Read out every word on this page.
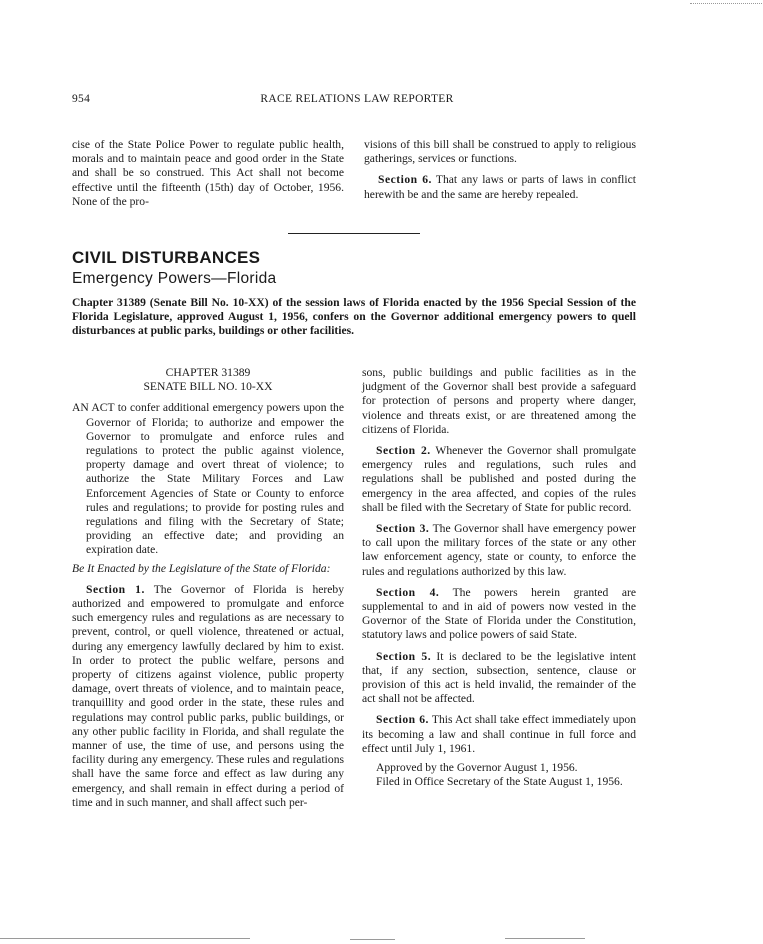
954	RACE RELATIONS LAW REPORTER

cise of the State Police Power to regulate public health, morals and to maintain peace and good order in the State and shall be so construed. This Act shall not become effective until the fifteenth (15th) day of October, 1956. None of the pro-

visions of this bill shall be construed to apply to religious gatherings, services or functions.

Section 6. That any laws or parts of laws in conflict herewith be and the same are hereby repealed.

CIVIL DISTURBANCES
Emergency Powers—Florida
Chapter 31389 (Senate Bill No. 10-XX) of the session laws of Florida enacted by the 1956 Special Session of the Florida Legislature, approved August 1, 1956, confers on the Governor additional emergency powers to quell disturbances at public parks, buildings or other facilities.

CHAPTER 31389

SENATE BILL NO. 10-XX

AN ACT to confer additional emergency powers upon the Governor of Florida; to authorize and empower the Governor to promulgate and enforce rules and regulations to protect the public against violence, property damage and overt threat of violence; to authorize the State Military Forces and Law Enforcement Agencies of State or County to enforce rules and regulations; to provide for posting rules and regulations and filing with the Secretary of State; providing an effective date; and providing an expiration date.

Be It Enacted by the Legislature of the State of Florida:

Section 1. The Governor of Florida is hereby authorized and empowered to promulgate and enforce such emergency rules and regulations as are necessary to prevent, control, or quell violence, threatened or actual, during any emergency lawfully declared by him to exist. In order to protect the public welfare, persons and property of citizens against violence, public property damage, overt threats of violence, and to maintain peace, tranquillity and good order in the state, these rules and regulations may control public parks, public buildings, or any other public facility in Florida, and shall regulate the manner of use, the time of use, and persons using the facility during any emergency. These rules and regulations shall have the same force and effect as law during any emergency, and shall remain in effect during a period of time and in such manner, and shall affect such per-

sons, public buildings and public facilities as in the judgment of the Governor shall best provide a safeguard for protection of persons and property where danger, violence and threats exist, or are threatened among the citizens of Florida.

Section 2. Whenever the Governor shall promulgate emergency rules and regulations, such rules and regulations shall be published and posted during the emergency in the area affected, and copies of the rules shall be filed with the Secretary of State for public record.

Section 3. The Governor shall have emergency power to call upon the military forces of the state or any other law enforcement agency, state or county, to enforce the rules and regulations authorized by this law.

Section 4. The powers herein granted are supplemental to and in aid of powers now vested in the Governor of the State of Florida under the Constitution, statutory laws and police powers of said State.

Section 5. It is declared to be the legislative intent that, if any section, subsection, sentence, clause or provision of this act is held invalid, the remainder of the act shall not be affected.

Section 6. This Act shall take effect immediately upon its becoming a law and shall continue in full force and effect until July 1, 1961.

Approved by the Governor August 1, 1956.

Filed in Office Secretary of the State August 1, 1956.
